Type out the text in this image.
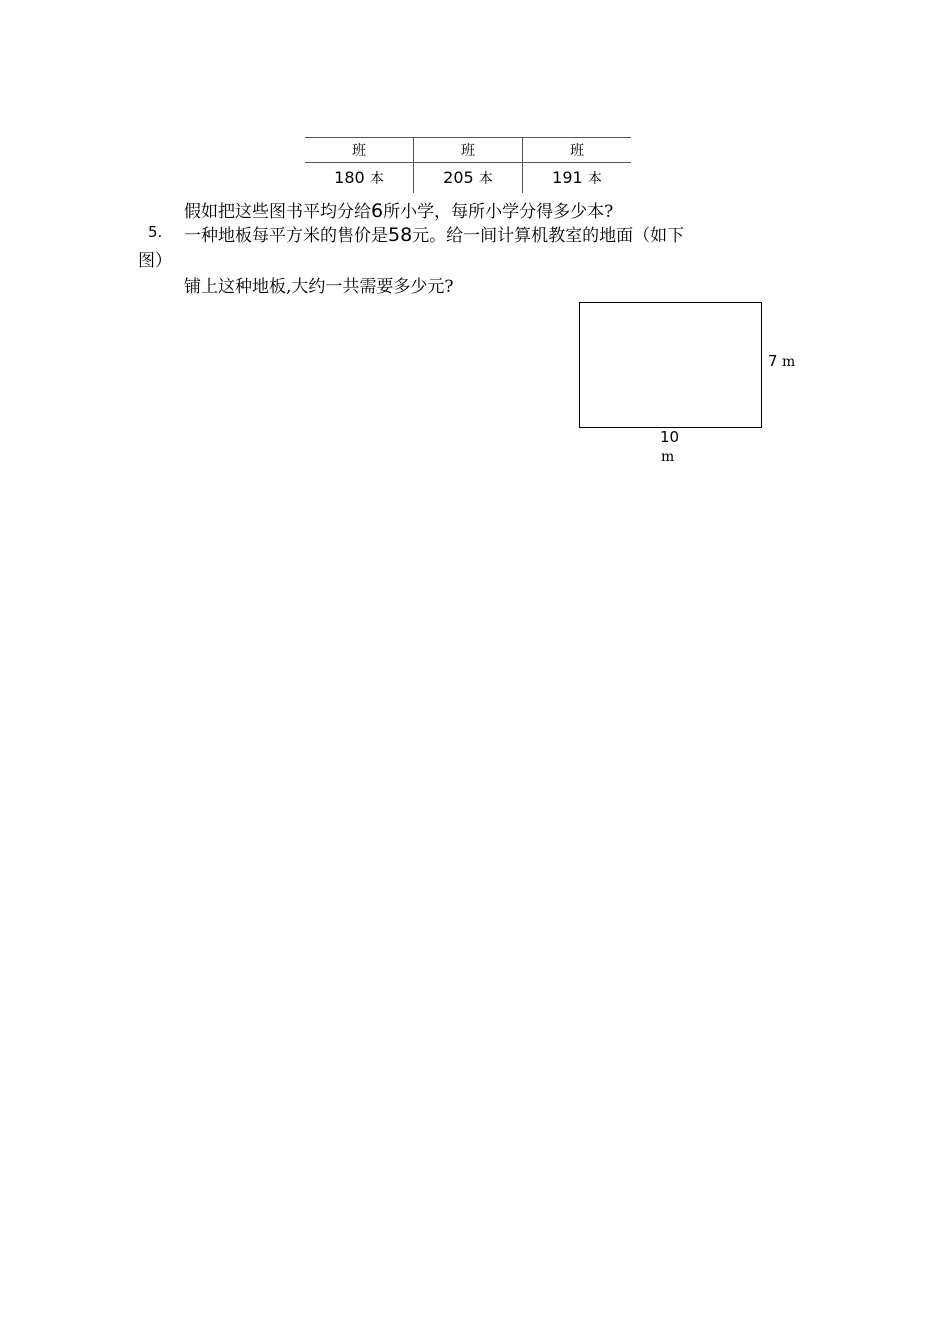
班	班	班
180 本	205 本	191 本
假如把这些图书平均分给6所小学，每所小学分得多少本?
5. 一种地板每平方米的售价是58元。给一间计算机教室的地面（如下
图）
铺上这种地板,大约一共需要多少元?
7 m
10
m
